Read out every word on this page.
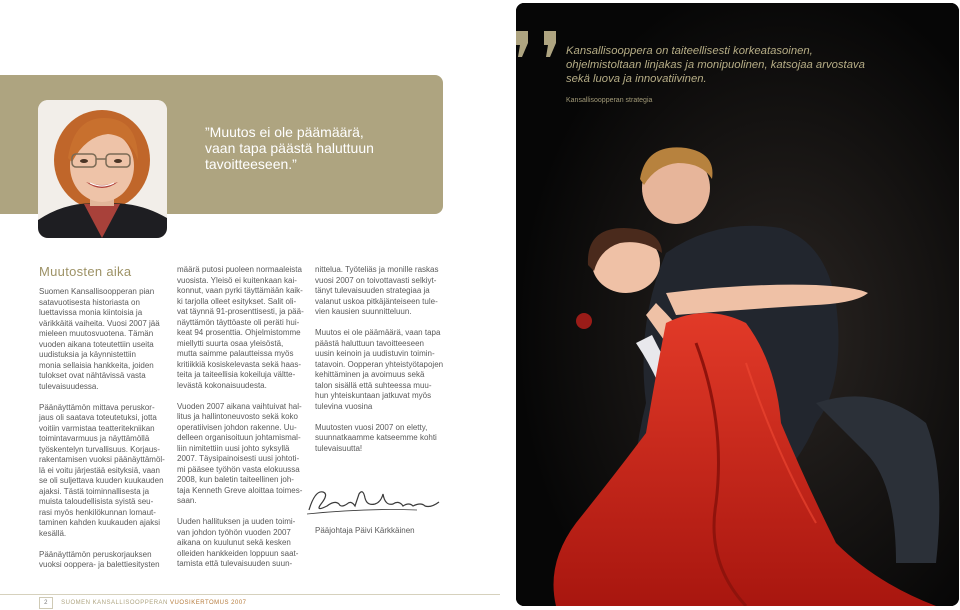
”Muutos ei ole päämäärä,
vaan tapa päästä haluttuun
tavoitteeseen.”
Muutosten aika

Suomen Kansallisoopperan pian
satavuotisesta historiasta on
luettavissa monia kiintoisia ja
värikkäitä vaiheita. Vuosi 2007 jää
mieleen muutosvuotena. Tämän
vuoden aikana toteutettiin useita
uudistuksia ja käynnistettiin
monia sellaisia hankkeita, joiden
tulokset ovat nähtävissä vasta
tulevaisuudessa.

Päänäyttämön mittava peruskor-
jaus oli saatava toteutetuksi, jotta
voitiin varmistaa teatteritekniikan
toimintavarmuus ja näyttämöllä
työskentelyn turvallisuus. Korjaus-
rakentamisen vuoksi päänäyttämöl-
lä ei voitu järjestää esityksiä, vaan
se oli suljettava kuuden kuukauden
ajaksi. Tästä toiminnallisesta ja
muista taloudellisista syistä seu-
rasi myös henkilökunnan lomaut-
taminen kahden kuukauden ajaksi
kesällä.

Päänäyttämön peruskorjauksen
vuoksi ooppera- ja balettiesitysten

määrä putosi puoleen normaaleista
vuosista. Yleisö ei kuitenkaan kai-
konnut, vaan pyrki täyttämään kaik-
ki tarjolla olleet esitykset. Salit oli-
vat täynnä 91-prosenttisesti, ja pää-
näyttämön täyttöaste oli peräti hui-
keat 94 prosenttia. Ohjelmistomme
miellytti suurta osaa yleisöstä,
mutta saimme palautteissa myös
kritiikkiä kosiskelevasta sekä haas-
teita ja taiteellisia kokeiluja vältte-
levästä kokonaisuudesta.

Vuoden 2007 aikana vaihtuivat hal-
litus ja hallintoneuvosto sekä koko
operatiivisen johdon rakenne. Uu-
delleen organisoituun johtamismal-
liin nimitettiin uusi johto syksyllä
2007. Täysipainoisesti uusi johtoti-
mi pääsee työhön vasta elokuussa
2008, kun baletin taiteellinen joh-
taja Kenneth Greve aloittaa toimes-
saan.

Uuden hallituksen ja uuden toimi-
van johdon työhön vuoden 2007
aikana on kuulunut sekä kesken
olleiden hankkeiden loppuun saat-
tamista että tulevaisuuden suun-

nittelua. Työteliäs ja monille raskas
vuosi 2007 on toivottavasti selkiyt-
tänyt tulevaisuuden strategiaa ja
valanut uskoa pitkäjänteiseen tule-
vien kausien suunnitteluun.

Muutos ei ole päämäärä, vaan tapa
päästä haluttuun tavoitteeseen
uusin keinoin ja uudistuvin toimin-
tatavoin. Oopperan yhteistyötapojen
kehittäminen ja avoimuus sekä
talon sisällä että suhteessa muu-
hun yhteiskuntaan jatkuvat myös
tulevina vuosina

Muutosten vuosi 2007 on eletty,
suunnatkaamme katseemme kohti
tulevaisuutta!

Pääjohtaja Päivi Kärkkäinen
2 SUOMEN KANSALLISOOPPERAN VUOSIKERTOMUS 2007
Kansallisooppera on taiteellisesti korkeatasoinen,
ohjelmistoltaan linjakas ja monipuolinen, katsojaa arvostava
sekä luova ja innovatiivinen.
Kansallisoopperan strategia
